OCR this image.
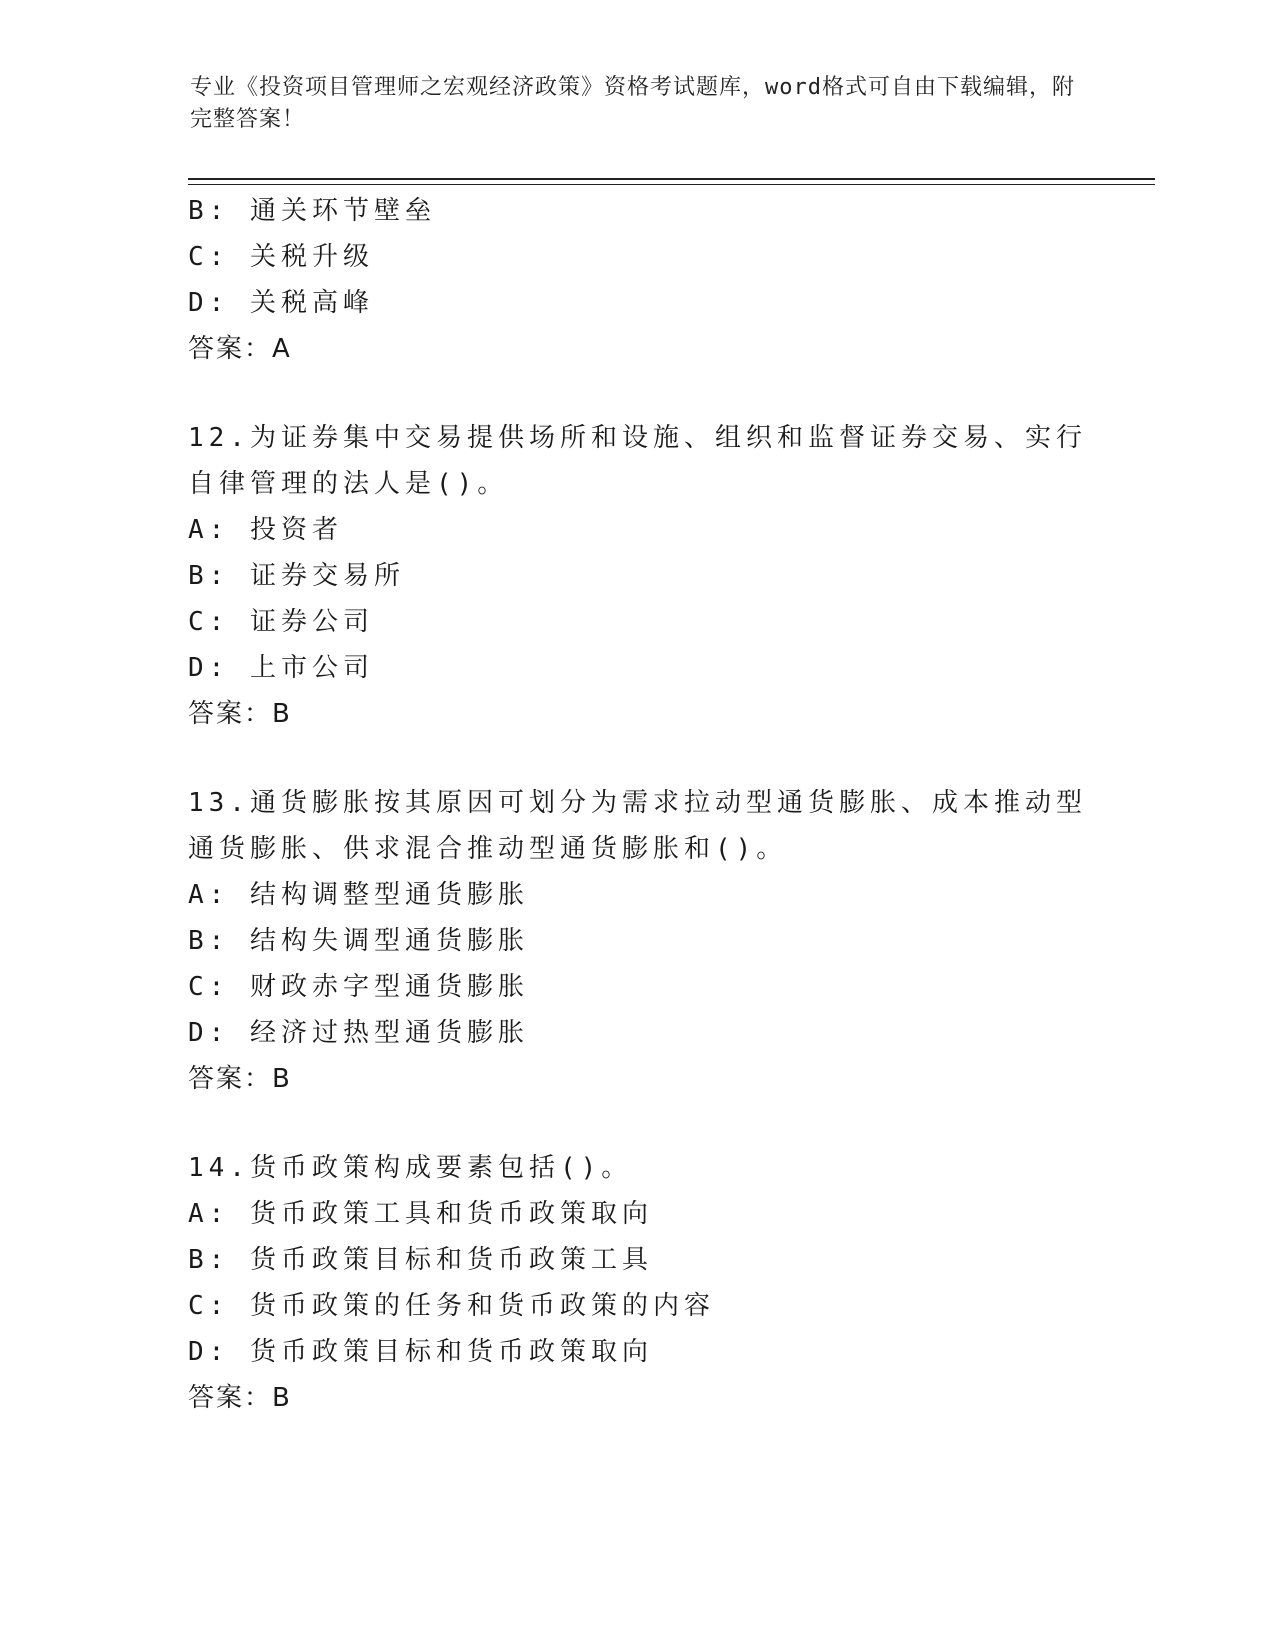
专业《投资项目管理师之宏观经济政策》资格考试题库，word格式可自由下载编辑，附完整答案！
B: 通关环节壁垒
C: 关税升级
D: 关税高峰
答案：A
12.为证券集中交易提供场所和设施、组织和监督证券交易、实行自律管理的法人是()。
A: 投资者
B: 证券交易所
C: 证券公司
D: 上市公司
答案：B
13.通货膨胀按其原因可划分为需求拉动型通货膨胀、成本推动型通货膨胀、供求混合推动型通货膨胀和()。
A: 结构调整型通货膨胀
B: 结构失调型通货膨胀
C: 财政赤字型通货膨胀
D: 经济过热型通货膨胀
答案：B
14.货币政策构成要素包括()。
A: 货币政策工具和货币政策取向
B: 货币政策目标和货币政策工具
C: 货币政策的任务和货币政策的内容
D: 货币政策目标和货币政策取向
答案：B
